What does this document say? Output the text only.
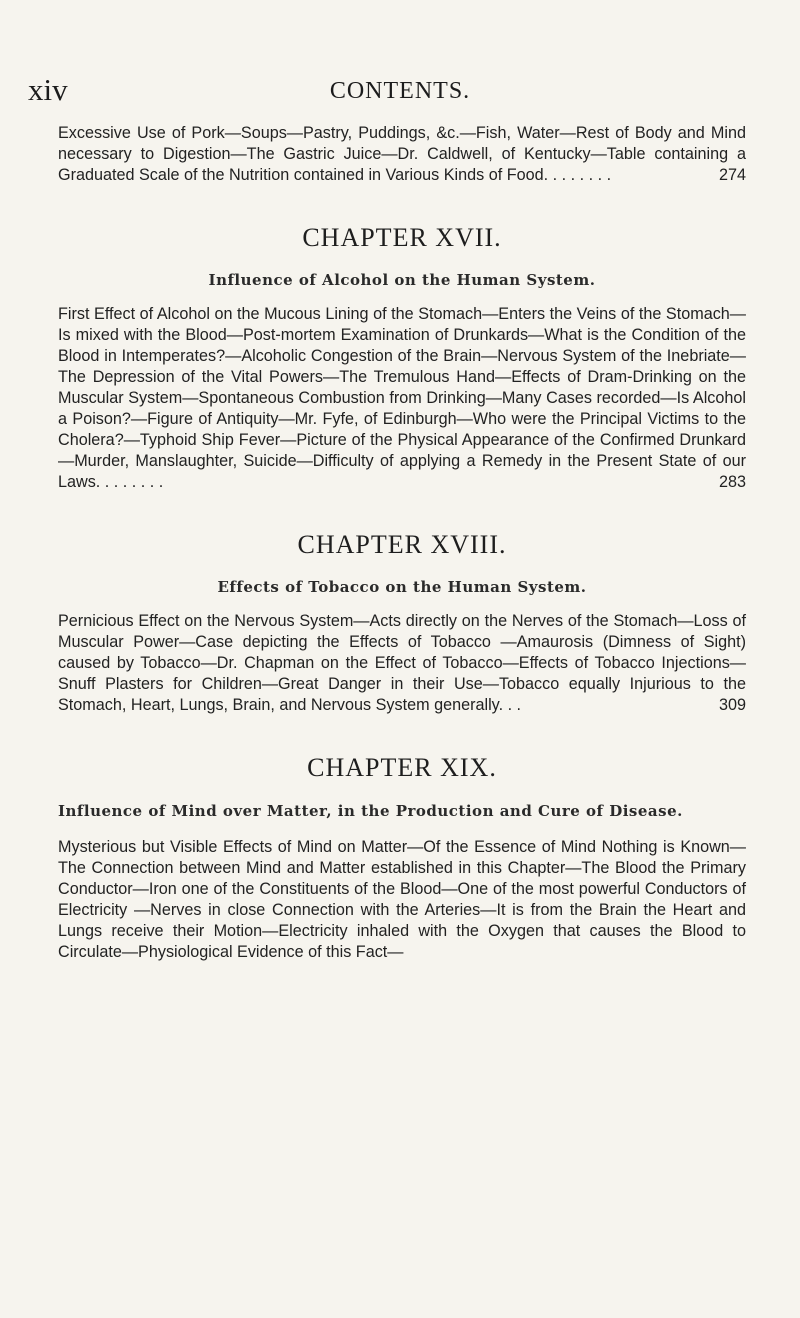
xiv	CONTENTS.

Excessive Use of Pork—Soups—Pastry, Puddings, &c.—Fish, Water—Rest of Body and Mind necessary to Digestion—The Gastric Juice—Dr. Caldwell, of Kentucky—Table containing a Graduated Scale of the Nutrition contained in Various Kinds of Food. . . . . . . .	274

CHAPTER XVII.
Influence of Alcohol on the Human System.

First Effect of Alcohol on the Mucous Lining of the Stomach—Enters the Veins of the Stomach—Is mixed with the Blood—Post-mortem Examination of Drunkards—What is the Condition of the Blood in Intemperates?—Alcoholic Congestion of the Brain—Nervous System of the Inebriate—The Depression of the Vital Powers—The Tremulous Hand—Effects of Dram-Drinking on the Muscular System—Spontaneous Combustion from Drinking—Many Cases recorded—Is Alcohol a Poison?—Figure of Antiquity—Mr. Fyfe, of Edinburgh—Who were the Principal Victims to the Cholera?—Typhoid Ship Fever—Picture of the Physical Appearance of the Confirmed Drunkard—Murder, Manslaughter, Suicide—Difficulty of applying a Remedy in the Present State of our Laws. . . . . . . .	283

CHAPTER XVIII.
Effects of Tobacco on the Human System.

Pernicious Effect on the Nervous System—Acts directly on the Nerves of the Stomach—Loss of Muscular Power—Case depicting the Effects of Tobacco —Amaurosis (Dimness of Sight) caused by Tobacco—Dr. Chapman on the Effect of Tobacco—Effects of Tobacco Injections—Snuff Plasters for Children—Great Danger in their Use—Tobacco equally Injurious to the Stomach, Heart, Lungs, Brain, and Nervous System generally. . .	309

CHAPTER XIX.
Influence of Mind over Matter, in the Production and Cure of Disease.

Mysterious but Visible Effects of Mind on Matter—Of the Essence of Mind Nothing is Known—The Connection between Mind and Matter established in this Chapter—The Blood the Primary Conductor—Iron one of the Constituents of the Blood—One of the most powerful Conductors of Electricity —Nerves in close Connection with the Arteries—It is from the Brain the Heart and Lungs receive their Motion—Electricity inhaled with the Oxygen that causes the Blood to Circulate—Physiological Evidence of this Fact—
